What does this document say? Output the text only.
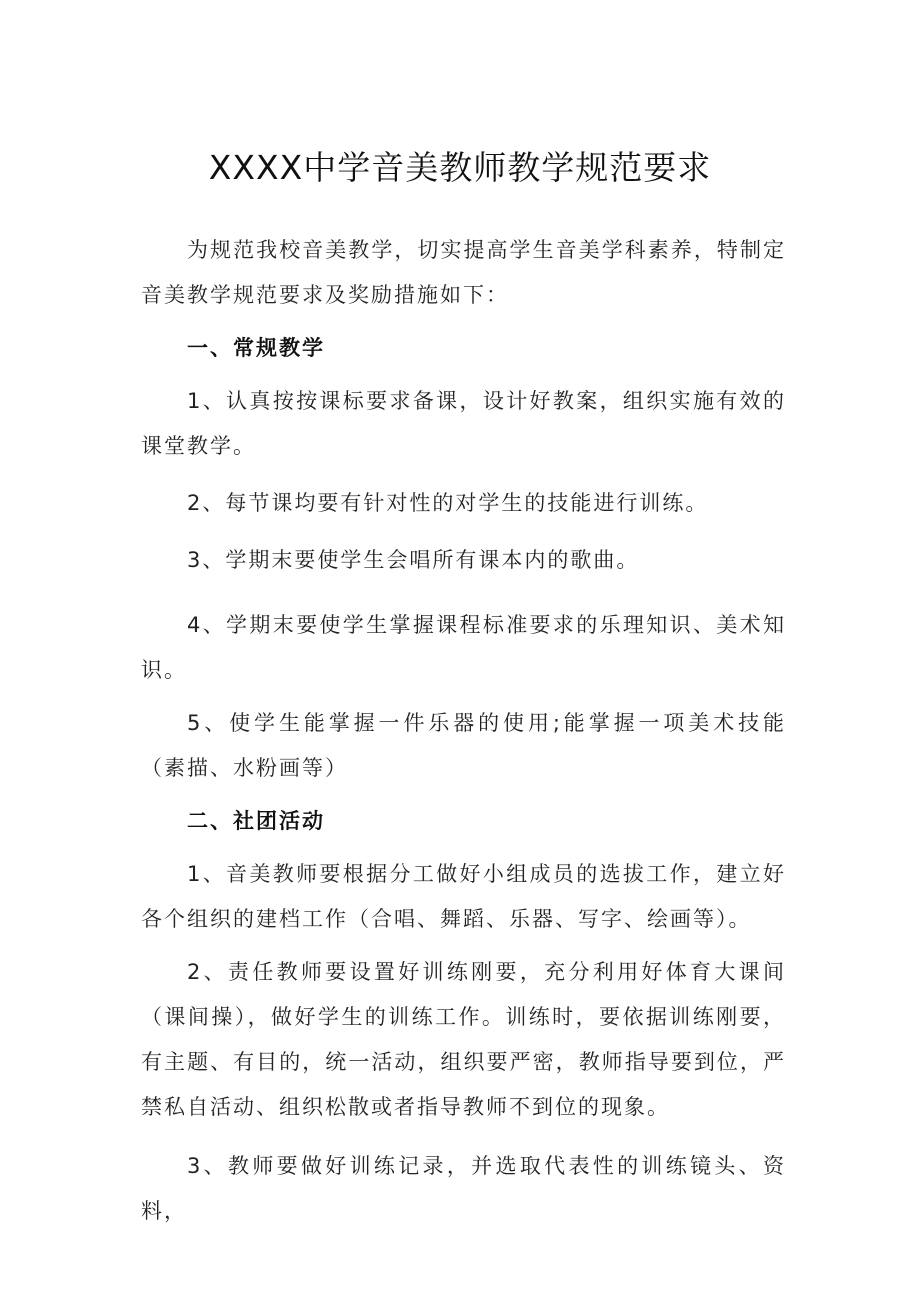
XXXX中学音美教师教学规范要求

为规范我校音美教学，切实提高学生音美学科素养，特制定音美教学规范要求及奖励措施如下：

一、常规教学

1、认真按按课标要求备课，设计好教案，组织实施有效的课堂教学。

2、每节课均要有针对性的对学生的技能进行训练。

3、学期末要使学生会唱所有课本内的歌曲。

4、学期末要使学生掌握课程标准要求的乐理知识、美术知识。

5、使学生能掌握一件乐器的使用;能掌握一项美术技能（素描、水粉画等）

二、社团活动

1、音美教师要根据分工做好小组成员的选拔工作，建立好各个组织的建档工作（合唱、舞蹈、乐器、写字、绘画等）。

2、责任教师要设置好训练刚要，充分利用好体育大课间（课间操），做好学生的训练工作。训练时，要依据训练刚要，有主题、有目的，统一活动，组织要严密，教师指导要到位，严禁私自活动、组织松散或者指导教师不到位的现象。

3、教师要做好训练记录，并选取代表性的训练镜头、资料，
